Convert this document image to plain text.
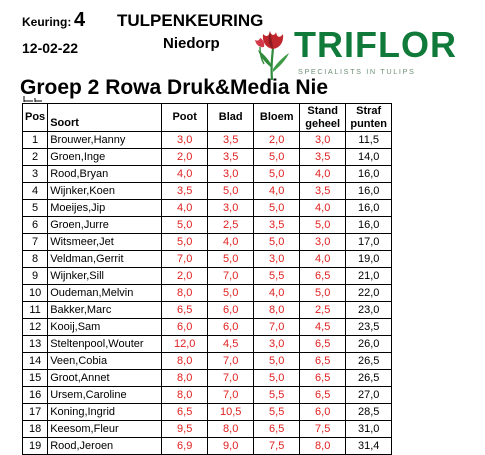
Keuring: 4
12-02-22
TULPENKEURING
Niedorp TRIFLOR
SPECIALISTS IN TULIPS
Groep 2 Rowa Druk&Media Nie
Pos	Soort	Poot	Blad	Bloem	Stand geheel	Straf punten
1	Brouwer,Hanny	3,0	3,5	2,0	3,0	11,5
2	Groen,Inge	2,0	3,5	5,0	3,5	14,0
3	Rood,Bryan	4,0	3,0	5,0	4,0	16,0
4	Wijnker,Koen	3,5	5,0	4,0	3,5	16,0
5	Moeijes,Jip	4,0	3,0	5,0	4,0	16,0
6	Groen,Jurre	5,0	2,5	3,5	5,0	16,0
7	Witsmeer,Jet	5,0	4,0	5,0	3,0	17,0
8	Veldman,Gerrit	7,0	5,0	3,0	4,0	19,0
9	Wijnker,Sill	2,0	7,0	5,5	6,5	21,0
10	Oudeman,Melvin	8,0	5,0	4,0	5,0	22,0
11	Bakker,Marc	6,5	6,0	8,0	2,5	23,0
12	Kooij,Sam	6,0	6,0	7,0	4,5	23,5
13	Steltenpool,Wouter	12,0	4,5	3,0	6,5	26,0
14	Veen,Cobia	8,0	7,0	5,0	6,5	26,5
15	Groot,Annet	8,0	7,0	5,0	6,5	26,5
16	Ursem,Caroline	8,0	7,0	5,5	6,5	27,0
17	Koning,Ingrid	6,5	10,5	5,5	6,0	28,5
18	Keesom,Fleur	9,5	8,0	6,5	7,5	31,0
19	Rood,Jeroen	6,9	9,0	7,5	8,0	31,4
